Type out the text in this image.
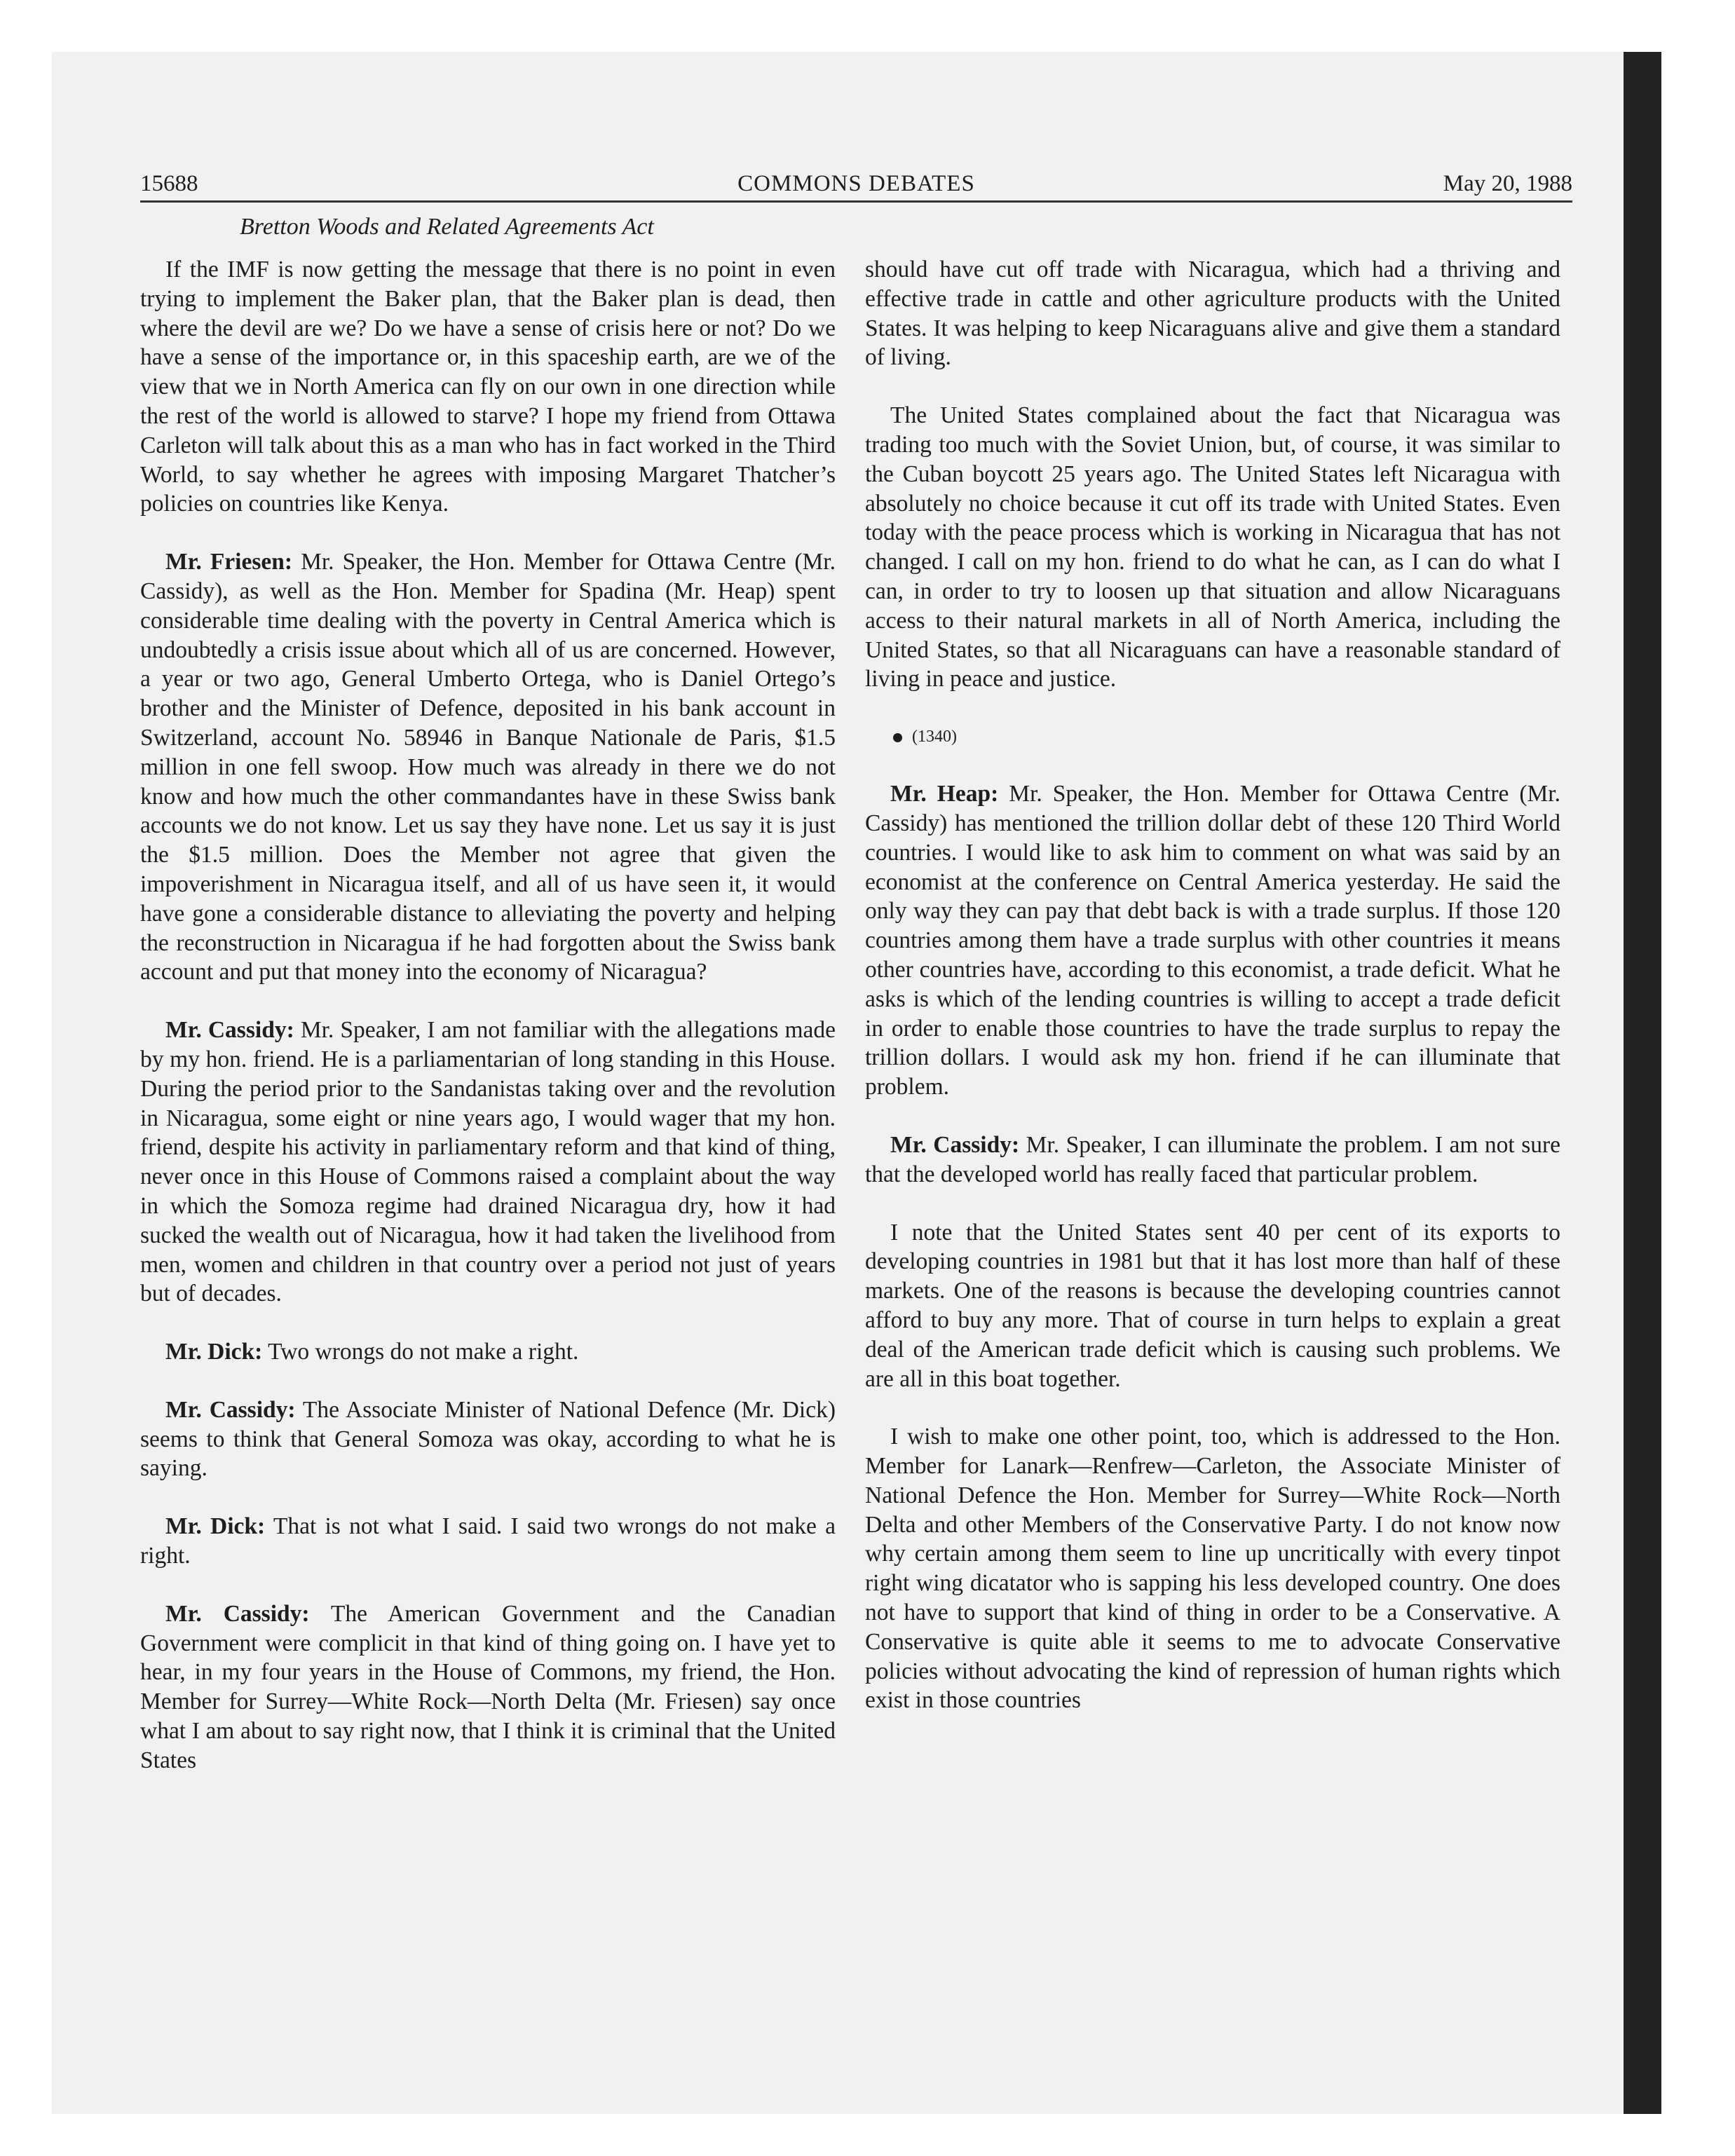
15688	COMMONS DEBATES	May 20, 1988
Bretton Woods and Related Agreements Act

If the IMF is now getting the message that there is no point in even trying to implement the Baker plan, that the Baker plan is dead, then where the devil are we? Do we have a sense of crisis here or not? Do we have a sense of the importance or, in this spaceship earth, are we of the view that we in North America can fly on our own in one direction while the rest of the world is allowed to starve? I hope my friend from Ottawa Carleton will talk about this as a man who has in fact worked in the Third World, to say whether he agrees with imposing Margaret Thatcher’s policies on countries like Kenya.

Mr. Friesen: Mr. Speaker, the Hon. Member for Ottawa Centre (Mr. Cassidy), as well as the Hon. Member for Spadina (Mr. Heap) spent considerable time dealing with the poverty in Central America which is undoubtedly a crisis issue about which all of us are concerned. However, a year or two ago, General Umberto Ortega, who is Daniel Ortego’s brother and the Minister of Defence, deposited in his bank account in Switzerland, account No. 58946 in Banque Nationale de Paris, $1.5 million in one fell swoop. How much was already in there we do not know and how much the other commandantes have in these Swiss bank accounts we do not know. Let us say they have none. Let us say it is just the $1.5 million. Does the Member not agree that given the impoverishment in Nicaragua itself, and all of us have seen it, it would have gone a considerable distance to alleviating the poverty and helping the reconstruction in Nicaragua if he had forgotten about the Swiss bank account and put that money into the economy of Nicaragua?

Mr. Cassidy: Mr. Speaker, I am not familiar with the allegations made by my hon. friend. He is a parliamentarian of long standing in this House. During the period prior to the Sandanistas taking over and the revolution in Nicaragua, some eight or nine years ago, I would wager that my hon. friend, despite his activity in parliamentary reform and that kind of thing, never once in this House of Commons raised a complaint about the way in which the Somoza regime had drained Nicaragua dry, how it had sucked the wealth out of Nicaragua, how it had taken the livelihood from men, women and children in that country over a period not just of years but of decades.

Mr. Dick: Two wrongs do not make a right.

Mr. Cassidy: The Associate Minister of National Defence (Mr. Dick) seems to think that General Somoza was okay, according to what he is saying.

Mr. Dick: That is not what I said. I said two wrongs do not make a right.

Mr. Cassidy: The American Government and the Canadian Government were complicit in that kind of thing going on. I have yet to hear, in my four years in the House of Commons, my friend, the Hon. Member for Surrey—White Rock—North Delta (Mr. Friesen) say once what I am about to say right now, that I think it is criminal that the United States

should have cut off trade with Nicaragua, which had a thriving and effective trade in cattle and other agriculture products with the United States. It was helping to keep Nicaraguans alive and give them a standard of living.

The United States complained about the fact that Nicaragua was trading too much with the Soviet Union, but, of course, it was similar to the Cuban boycott 25 years ago. The United States left Nicaragua with absolutely no choice because it cut off its trade with United States. Even today with the peace process which is working in Nicaragua that has not changed. I call on my hon. friend to do what he can, as I can do what I can, in order to try to loosen up that situation and allow Nicaraguans access to their natural markets in all of North America, including the United States, so that all Nicaraguans can have a reasonable standard of living in peace and justice.

(1340)

Mr. Heap: Mr. Speaker, the Hon. Member for Ottawa Centre (Mr. Cassidy) has mentioned the trillion dollar debt of these 120 Third World countries. I would like to ask him to comment on what was said by an economist at the conference on Central America yesterday. He said the only way they can pay that debt back is with a trade surplus. If those 120 countries among them have a trade surplus with other countries it means other countries have, according to this economist, a trade deficit. What he asks is which of the lending countries is willing to accept a trade deficit in order to enable those countries to have the trade surplus to repay the trillion dollars. I would ask my hon. friend if he can illuminate that problem.

Mr. Cassidy: Mr. Speaker, I can illuminate the problem. I am not sure that the developed world has really faced that particular problem.

I note that the United States sent 40 per cent of its exports to developing countries in 1981 but that it has lost more than half of these markets. One of the reasons is because the developing countries cannot afford to buy any more. That of course in turn helps to explain a great deal of the American trade deficit which is causing such problems. We are all in this boat together.

I wish to make one other point, too, which is addressed to the Hon. Member for Lanark—Renfrew—Carleton, the Associate Minister of National Defence the Hon. Member for Surrey—White Rock—North Delta and other Members of the Conservative Party. I do not know now why certain among them seem to line up uncritically with every tinpot right wing dicatator who is sapping his less developed country. One does not have to support that kind of thing in order to be a Conservative. A Conservative is quite able it seems to me to advocate Conservative policies without advocating the kind of repression of human rights which exist in those countries
